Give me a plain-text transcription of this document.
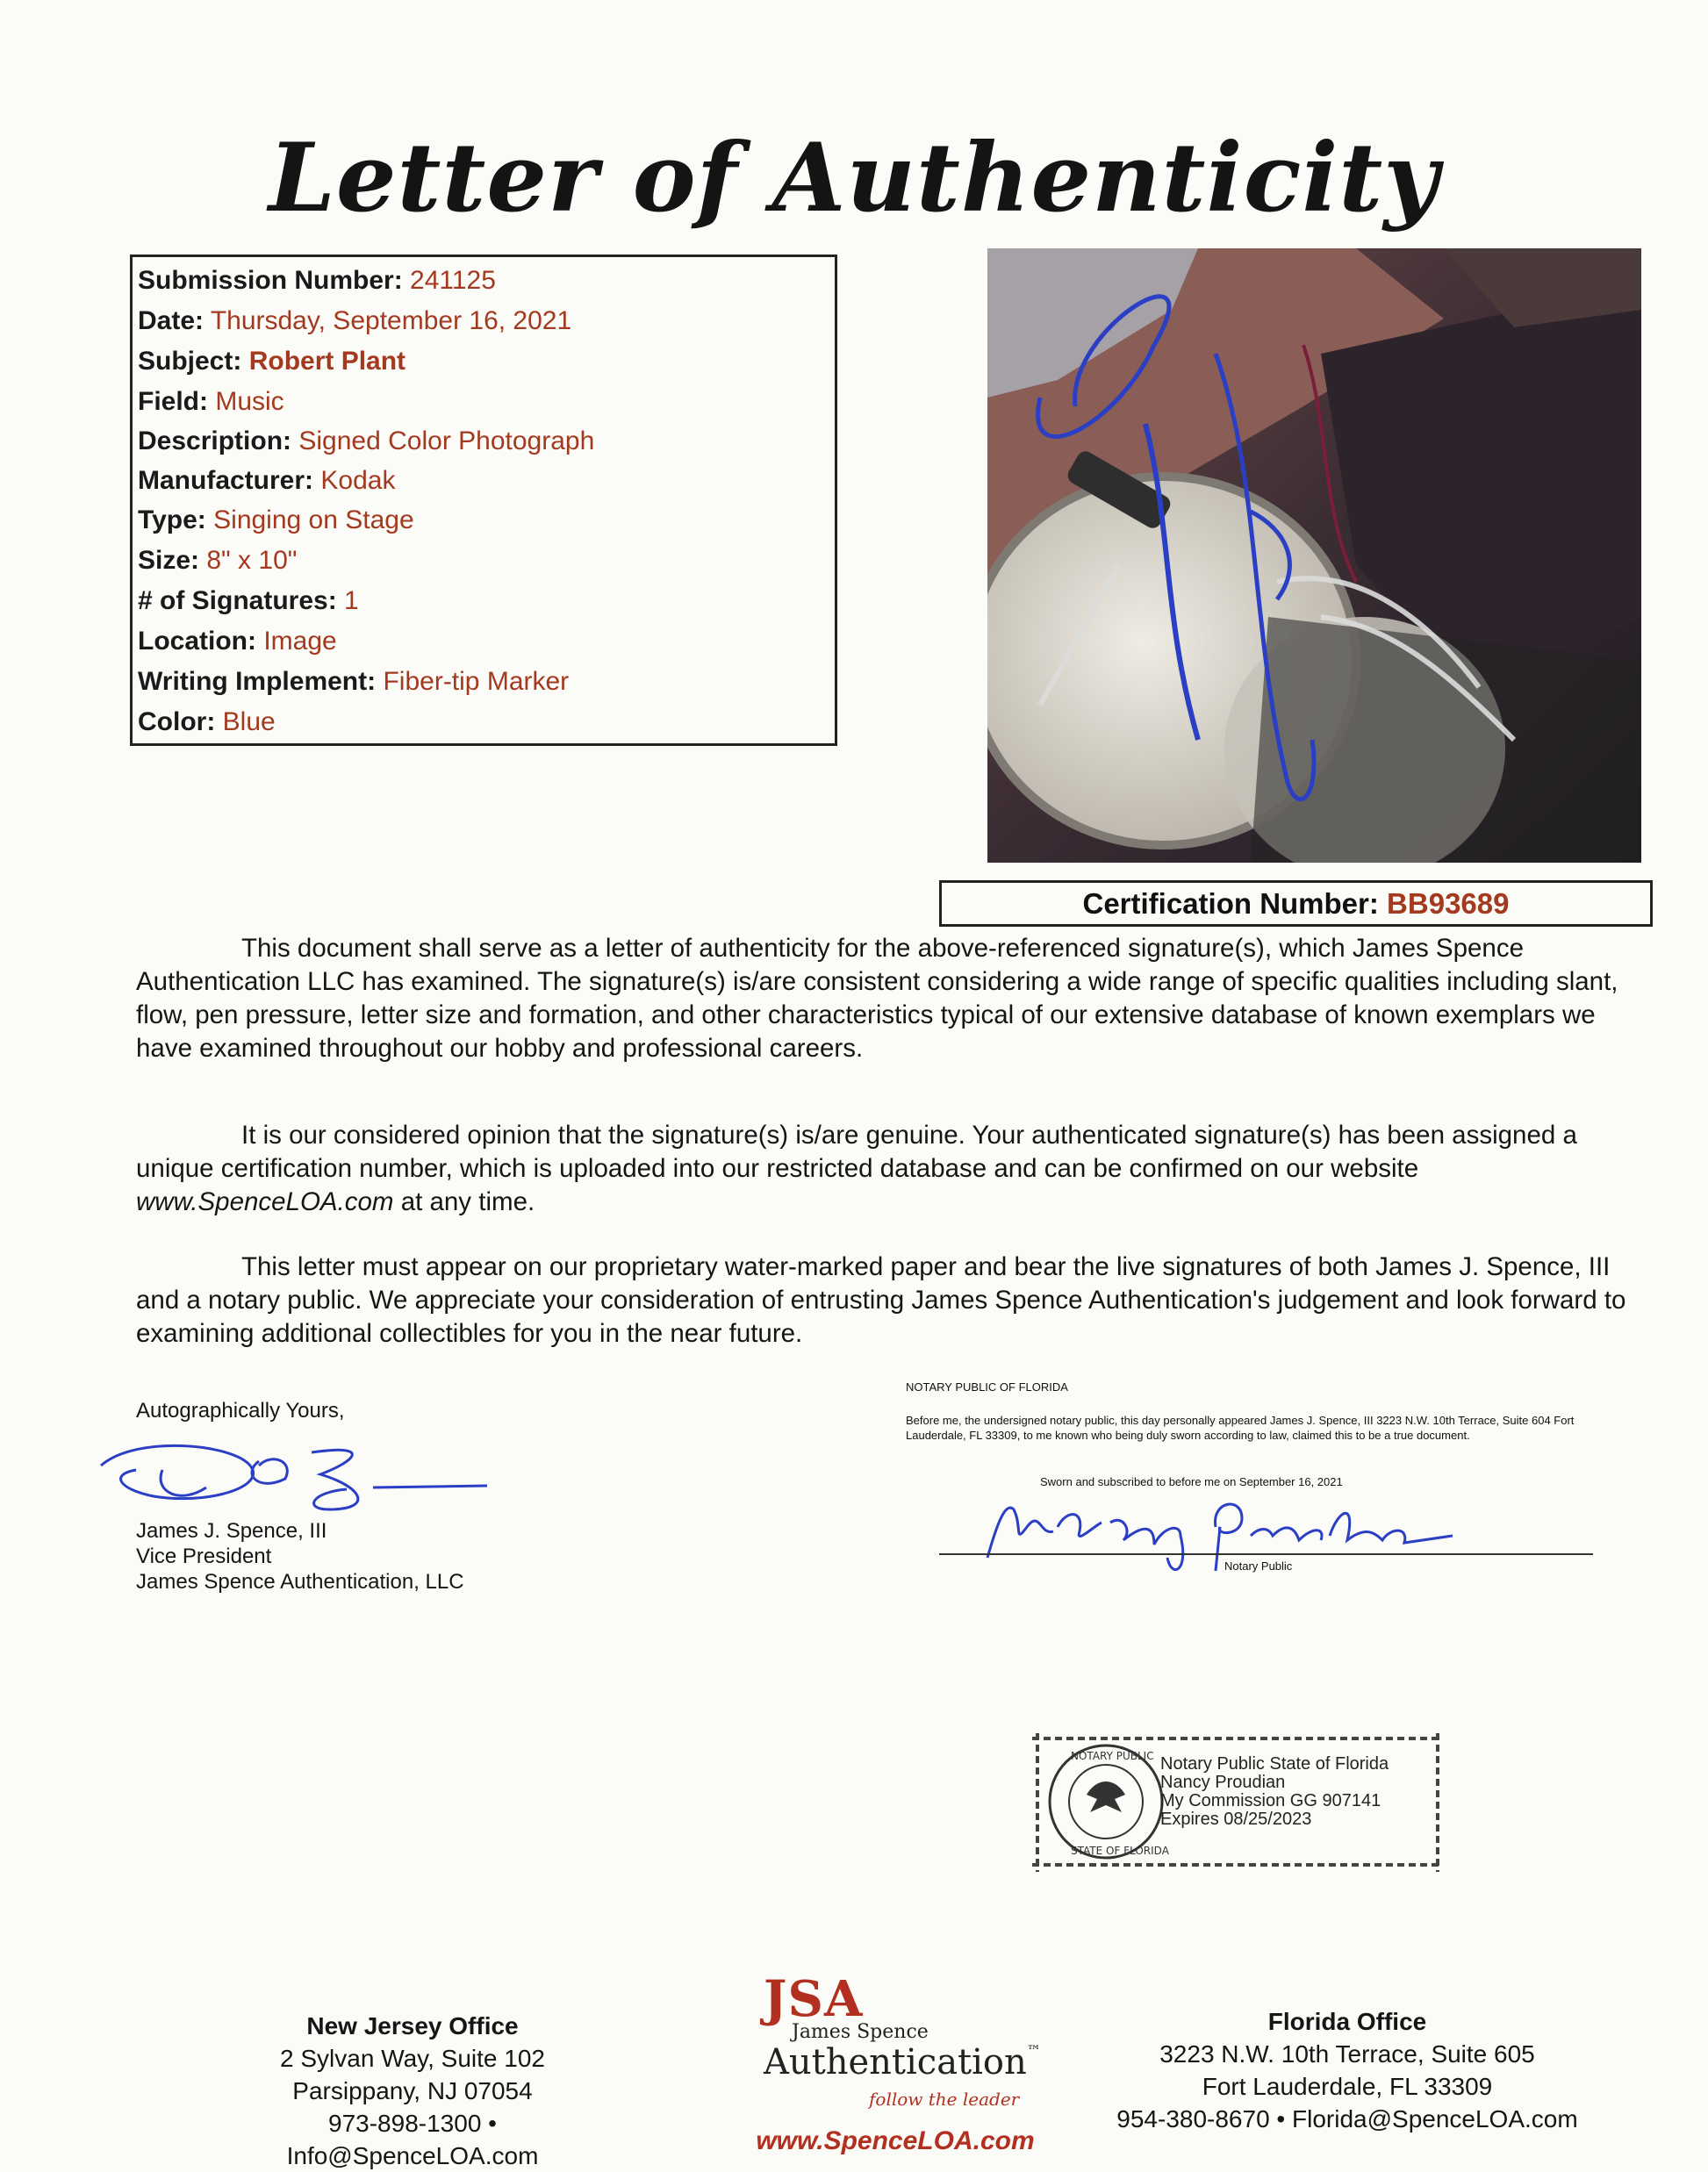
Letter of Authenticity
Submission Number: 241125
Date: Thursday, September 16, 2021
Subject: Robert Plant
Field: Music
Description: Signed Color Photograph
Manufacturer: Kodak
Type: Singing on Stage
Size: 8" x 10"
# of Signatures: 1
Location: Image
Writing Implement: Fiber-tip Marker
Color: Blue
Certification Number: BB93689
This document shall serve as a letter of authenticity for the above-referenced signature(s), which James Spence Authentication LLC has examined. The signature(s) is/are consistent considering a wide range of specific qualities including slant, flow, pen pressure, letter size and formation, and other characteristics typical of our extensive database of known exemplars we have examined throughout our hobby and professional careers.
It is our considered opinion that the signature(s) is/are genuine. Your authenticated signature(s) has been assigned a unique certification number, which is uploaded into our restricted database and can be confirmed on our website www.SpenceLOA.com at any time.
This letter must appear on our proprietary water-marked paper and bear the live signatures of both James J. Spence, III and a notary public. We appreciate your consideration of entrusting James Spence Authentication's judgement and look forward to examining additional collectibles for you in the near future.
Autographically Yours,
James J. Spence, III
Vice President
James Spence Authentication, LLC
NOTARY PUBLIC OF FLORIDA
Before me, the undersigned notary public, this day personally appeared James J. Spence, III 3223 N.W. 10th Terrace, Suite 604 Fort Lauderdale, FL 33309, to me known who being duly sworn according to law, claimed this to be a true document.
Sworn and subscribed to before me on September 16, 2021
Notary Public
NOTARY PUBLIC
STATE OF FLORIDA
Notary Public State of Florida
Nancy Proudian
My Commission GG 907141
Expires 08/25/2023
New Jersey Office
2 Sylvan Way, Suite 102
Parsippany, NJ 07054
973-898-1300 • Info@SpenceLOA.com
Florida Office
3223 N.W. 10th Terrace, Suite 605
Fort Lauderdale, FL 33309
954-380-8670 • Florida@SpenceLOA.com
JSA
James Spence
Authentication™
follow the leader
www.SpenceLOA.com
